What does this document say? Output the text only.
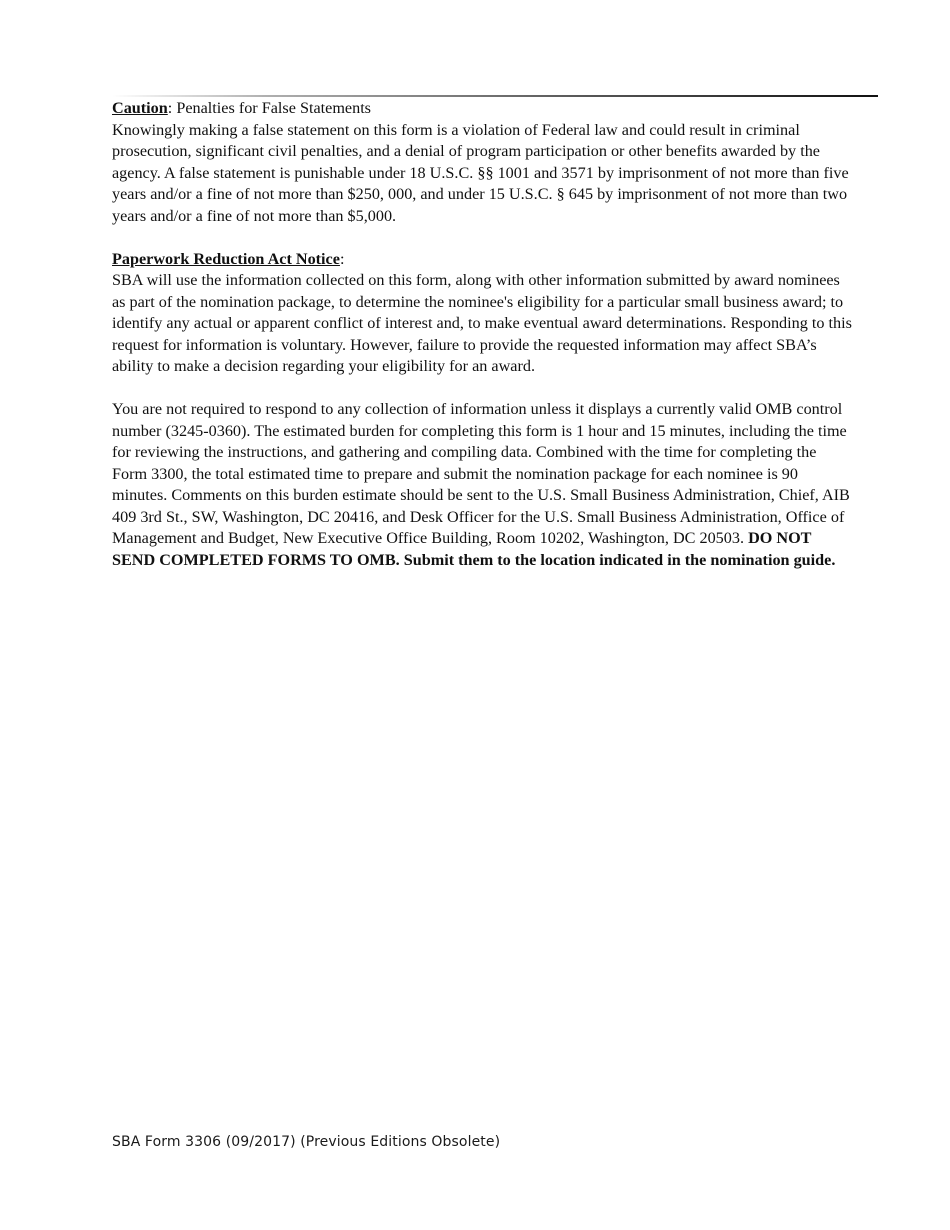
Caution: Penalties for False Statements

Knowingly making a false statement on this form is a violation of Federal law and could result in criminal prosecution, significant civil penalties, and a denial of program participation or other benefits awarded by the agency. A false statement is punishable under 18 U.S.C. §§ 1001 and 3571 by imprisonment of not more than five years and/or a fine of not more than $250, 000, and under 15 U.S.C. § 645 by imprisonment of not more than two years and/or a fine of not more than $5,000.

Paperwork Reduction Act Notice:

SBA will use the information collected on this form, along with other information submitted by award nominees as part of the nomination package, to determine the nominee's eligibility for a particular small business award; to identify any actual or apparent conflict of interest and, to make eventual award determinations. Responding to this request for information is voluntary. However, failure to provide the requested information may affect SBA’s ability to make a decision regarding your eligibility for an award.

You are not required to respond to any collection of information unless it displays a currently valid OMB control number (3245-0360). The estimated burden for completing this form is 1 hour and 15 minutes, including the time for reviewing the instructions, and gathering and compiling data. Combined with the time for completing the Form 3300, the total estimated time to prepare and submit the nomination package for each nominee is 90 minutes. Comments on this burden estimate should be sent to the U.S. Small Business Administration, Chief, AIB 409 3rd St., SW, Washington, DC 20416, and Desk Officer for the U.S. Small Business Administration, Office of Management and Budget, New Executive Office Building, Room 10202, Washington, DC 20503. DO NOT SEND COMPLETED FORMS TO OMB. Submit them to the location indicated in the nomination guide.

SBA Form 3306 (09/2017) (Previous Editions Obsolete)
